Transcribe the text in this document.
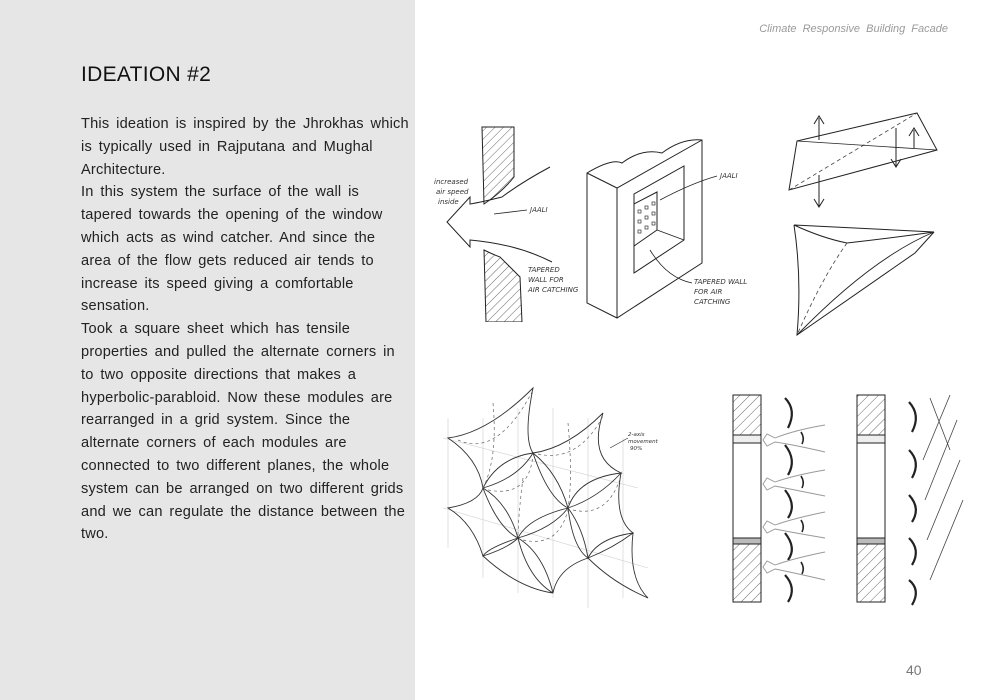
IDEATION #2

This ideation is inspired by the Jhrokhas which is typically used in Rajputana and Mughal Architecture.

In this system the surface of the wall is tapered towards the opening of the window which acts as wind catcher. And since the area of the flow gets reduced air tends to increase its speed giving a comfortable sensation.

Took a square sheet which has tensile properties and pulled the alternate corners in to two opposite directions that makes a hyperbolic-parabloid. Now these modules are rearranged in a grid system. Since the alternate corners of each modules are connected to two different planes, the whole system can be arranged on two different grids and we can regulate the distance between the two.

Climate Responsive Building Facade
increased
air speed
inside
JAALI
TAPERED
WALL FOR
AIR CATCHING
JAALI
TAPERED WALL
FOR AIR
CATCHING
2-axis
movement
90%
40
